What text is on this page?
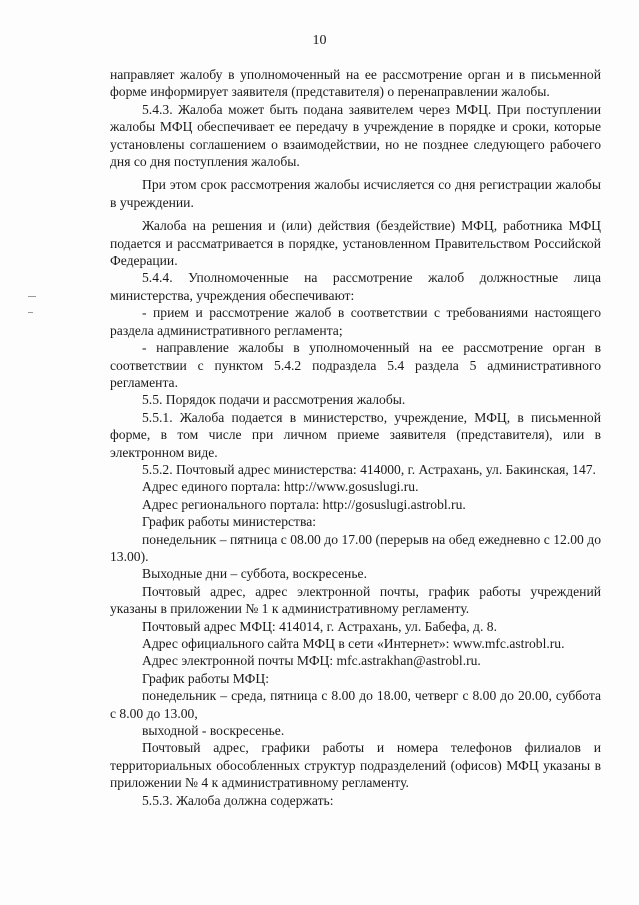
10

направляет жалобу в уполномоченный на ее рассмотрение орган и в письменной форме информирует заявителя (представителя) о перенаправлении жалобы.

5.4.3. Жалоба может быть подана заявителем через МФЦ. При поступлении жалобы МФЦ обеспечивает ее передачу в учреждение в порядке и сроки, которые установлены соглашением о взаимодействии, но не позднее следующего рабочего дня со дня поступления жалобы.

При этом срок рассмотрения жалобы исчисляется со дня регистрации жалобы в учреждении.

Жалоба на решения и (или) действия (бездействие) МФЦ, работника МФЦ подается и рассматривается в порядке, установленном Правительством Российской Федерации.

5.4.4. Уполномоченные на рассмотрение жалоб должностные лица министерства, учреждения обеспечивают:

- прием и рассмотрение жалоб в соответствии с требованиями настоящего раздела административного регламента;

- направление жалобы в уполномоченный на ее рассмотрение орган в соответствии с пунктом 5.4.2 подраздела 5.4 раздела 5 административного регламента.

5.5. Порядок подачи и рассмотрения жалобы.

5.5.1. Жалоба подается в министерство, учреждение, МФЦ, в письменной форме, в том числе при личном приеме заявителя (представителя), или в электронном виде.

5.5.2. Почтовый адрес министерства: 414000, г. Астрахань, ул. Бакинская, 147.

Адрес единого портала: http://www.gosuslugi.ru.

Адрес регионального портала: http://gosuslugi.astrobl.ru.

График работы министерства:

понедельник – пятница с 08.00 до 17.00 (перерыв на обед ежедневно с 12.00 до 13.00).

Выходные дни – суббота, воскресенье.

Почтовый адрес, адрес электронной почты, график работы учреждений указаны в приложении № 1 к административному регламенту.

Почтовый адрес МФЦ: 414014, г. Астрахань, ул. Бабефа, д. 8.

Адрес официального сайта МФЦ в сети «Интернет»: www.mfc.astrobl.ru.

Адрес электронной почты МФЦ: mfc.astrakhan@astrobl.ru.

График работы МФЦ:

понедельник – среда, пятница с 8.00 до 18.00, четверг с 8.00 до 20.00, суббота с 8.00 до 13.00,

выходной - воскресенье.

Почтовый адрес, графики работы и номера телефонов филиалов и территориальных обособленных структур подразделений (офисов) МФЦ указаны в приложении № 4 к административному регламенту.

5.5.3. Жалоба должна содержать:
